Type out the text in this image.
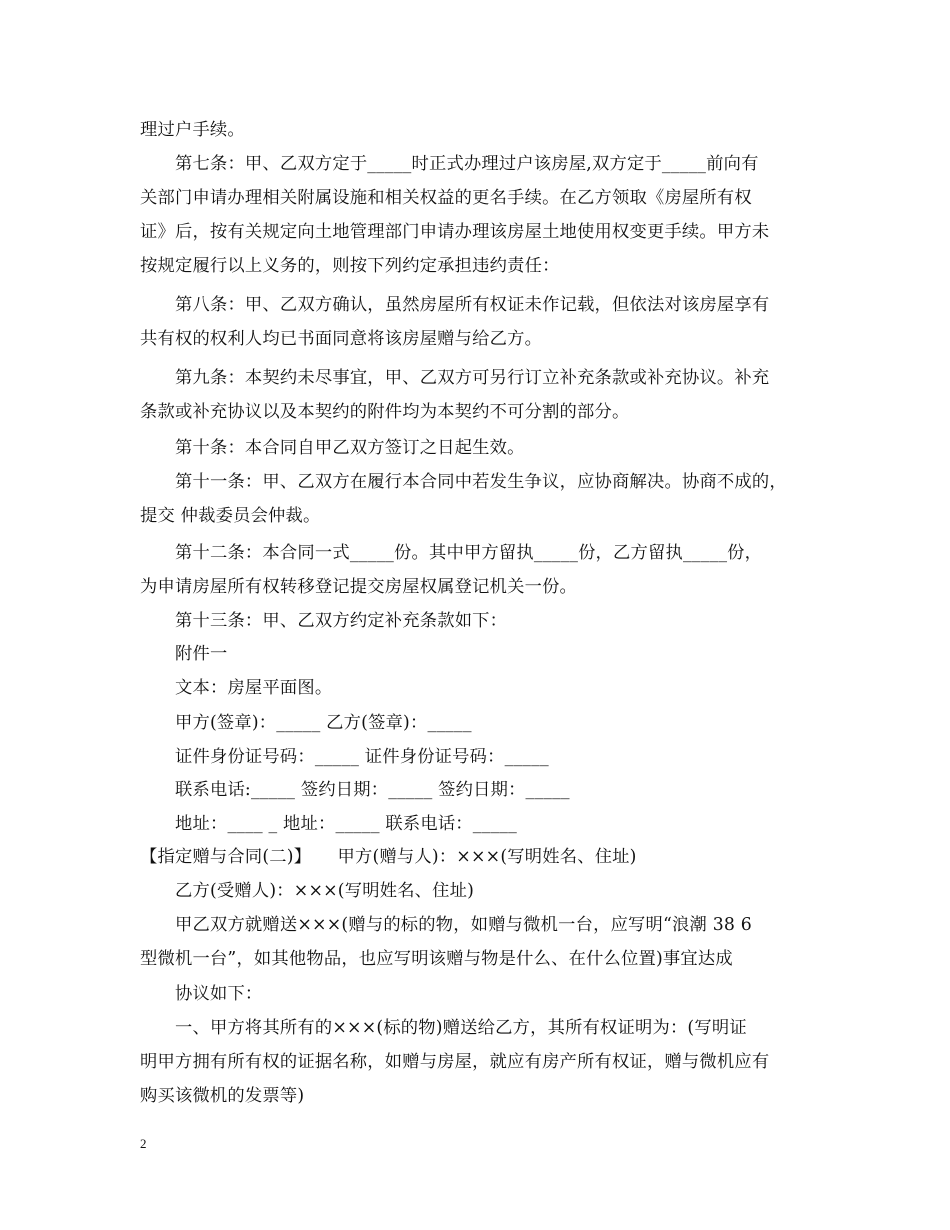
理过户手续。
第七条：甲、乙双方定于_____时正式办理过户该房屋,双方定于_____前向有
关部门申请办理相关附属设施和相关权益的更名手续。在乙方领取《房屋所有权
证》后，按有关规定向土地管理部门申请办理该房屋土地使用权变更手续。甲方未
按规定履行以上义务的，则按下列约定承担违约责任：
第八条：甲、乙双方确认，虽然房屋所有权证未作记载，但依法对该房屋享有
共有权的权利人均已书面同意将该房屋赠与给乙方。
第九条：本契约未尽事宜，甲、乙双方可另行订立补充条款或补充协议。补充
条款或补充协议以及本契约的附件均为本契约不可分割的部分。
第十条：本合同自甲乙双方签订之日起生效。
第十一条：甲、乙双方在履行本合同中若发生争议，应协商解决。协商不成的，
提交 仲裁委员会仲裁。
第十二条：本合同一式_____份。其中甲方留执_____份，乙方留执_____份，
为申请房屋所有权转移登记提交房屋权属登记机关一份。
第十三条：甲、乙双方约定补充条款如下：
附件一
文本：房屋平面图。
甲方(签章)：_____ 乙方(签章)：_____
证件身份证号码：_____ 证件身份证号码：_____
联系电话:_____ 签约日期：_____ 签约日期：_____
地址：____ _ 地址：_____ 联系电话：_____
【指定赠与合同(二)】　　甲方(赠与人)：×××(写明姓名、住址)
乙方(受赠人)：×××(写明姓名、住址)
甲乙双方就赠送×××(赠与的标的物，如赠与微机一台，应写明“浪潮 38 6
型微机一台”，如其他物品，也应写明该赠与物是什么、在什么位置)事宜达成
协议如下：
一、甲方将其所有的×××(标的物)赠送给乙方，其所有权证明为：(写明证
明甲方拥有所有权的证据名称，如赠与房屋，就应有房产所有权证，赠与微机应有
购买该微机的发票等)
2
